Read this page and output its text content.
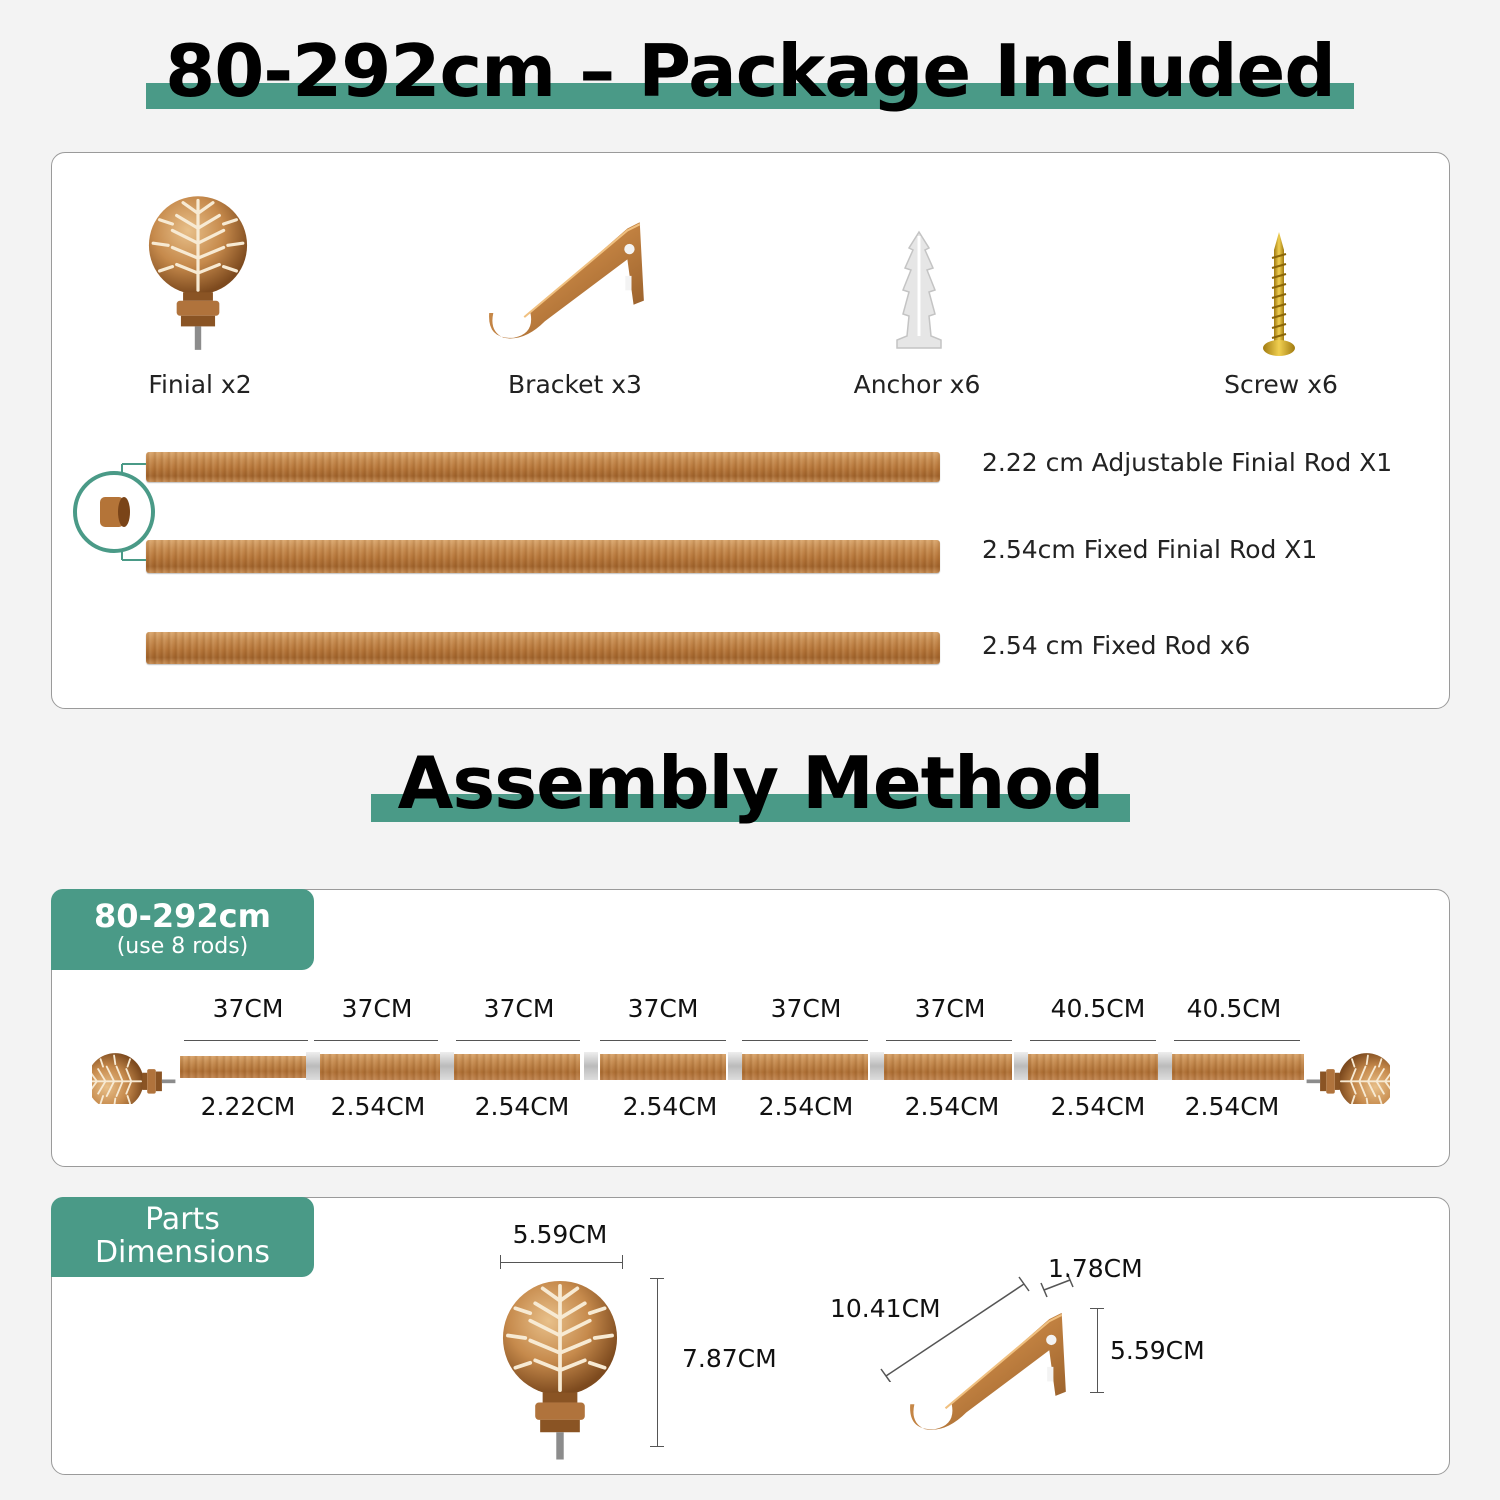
80-292cm – Package Included
Finial x2	Bracket x3	Anchor x6	Screw x6
2.22 cm Adjustable Finial Rod X1
2.54cm Fixed Finial Rod X1
2.54 cm Fixed Rod x6
Assembly Method
80-292cm
(use 8 rods)
37CM	37CM	37CM	37CM	37CM	37CM	40.5CM	40.5CM
2.22CM	2.54CM	2.54CM	2.54CM	2.54CM	2.54CM	2.54CM	2.54CM
Parts
Dimensions
5.59CM
7.87CM
10.41CM
1.78CM
5.59CM
